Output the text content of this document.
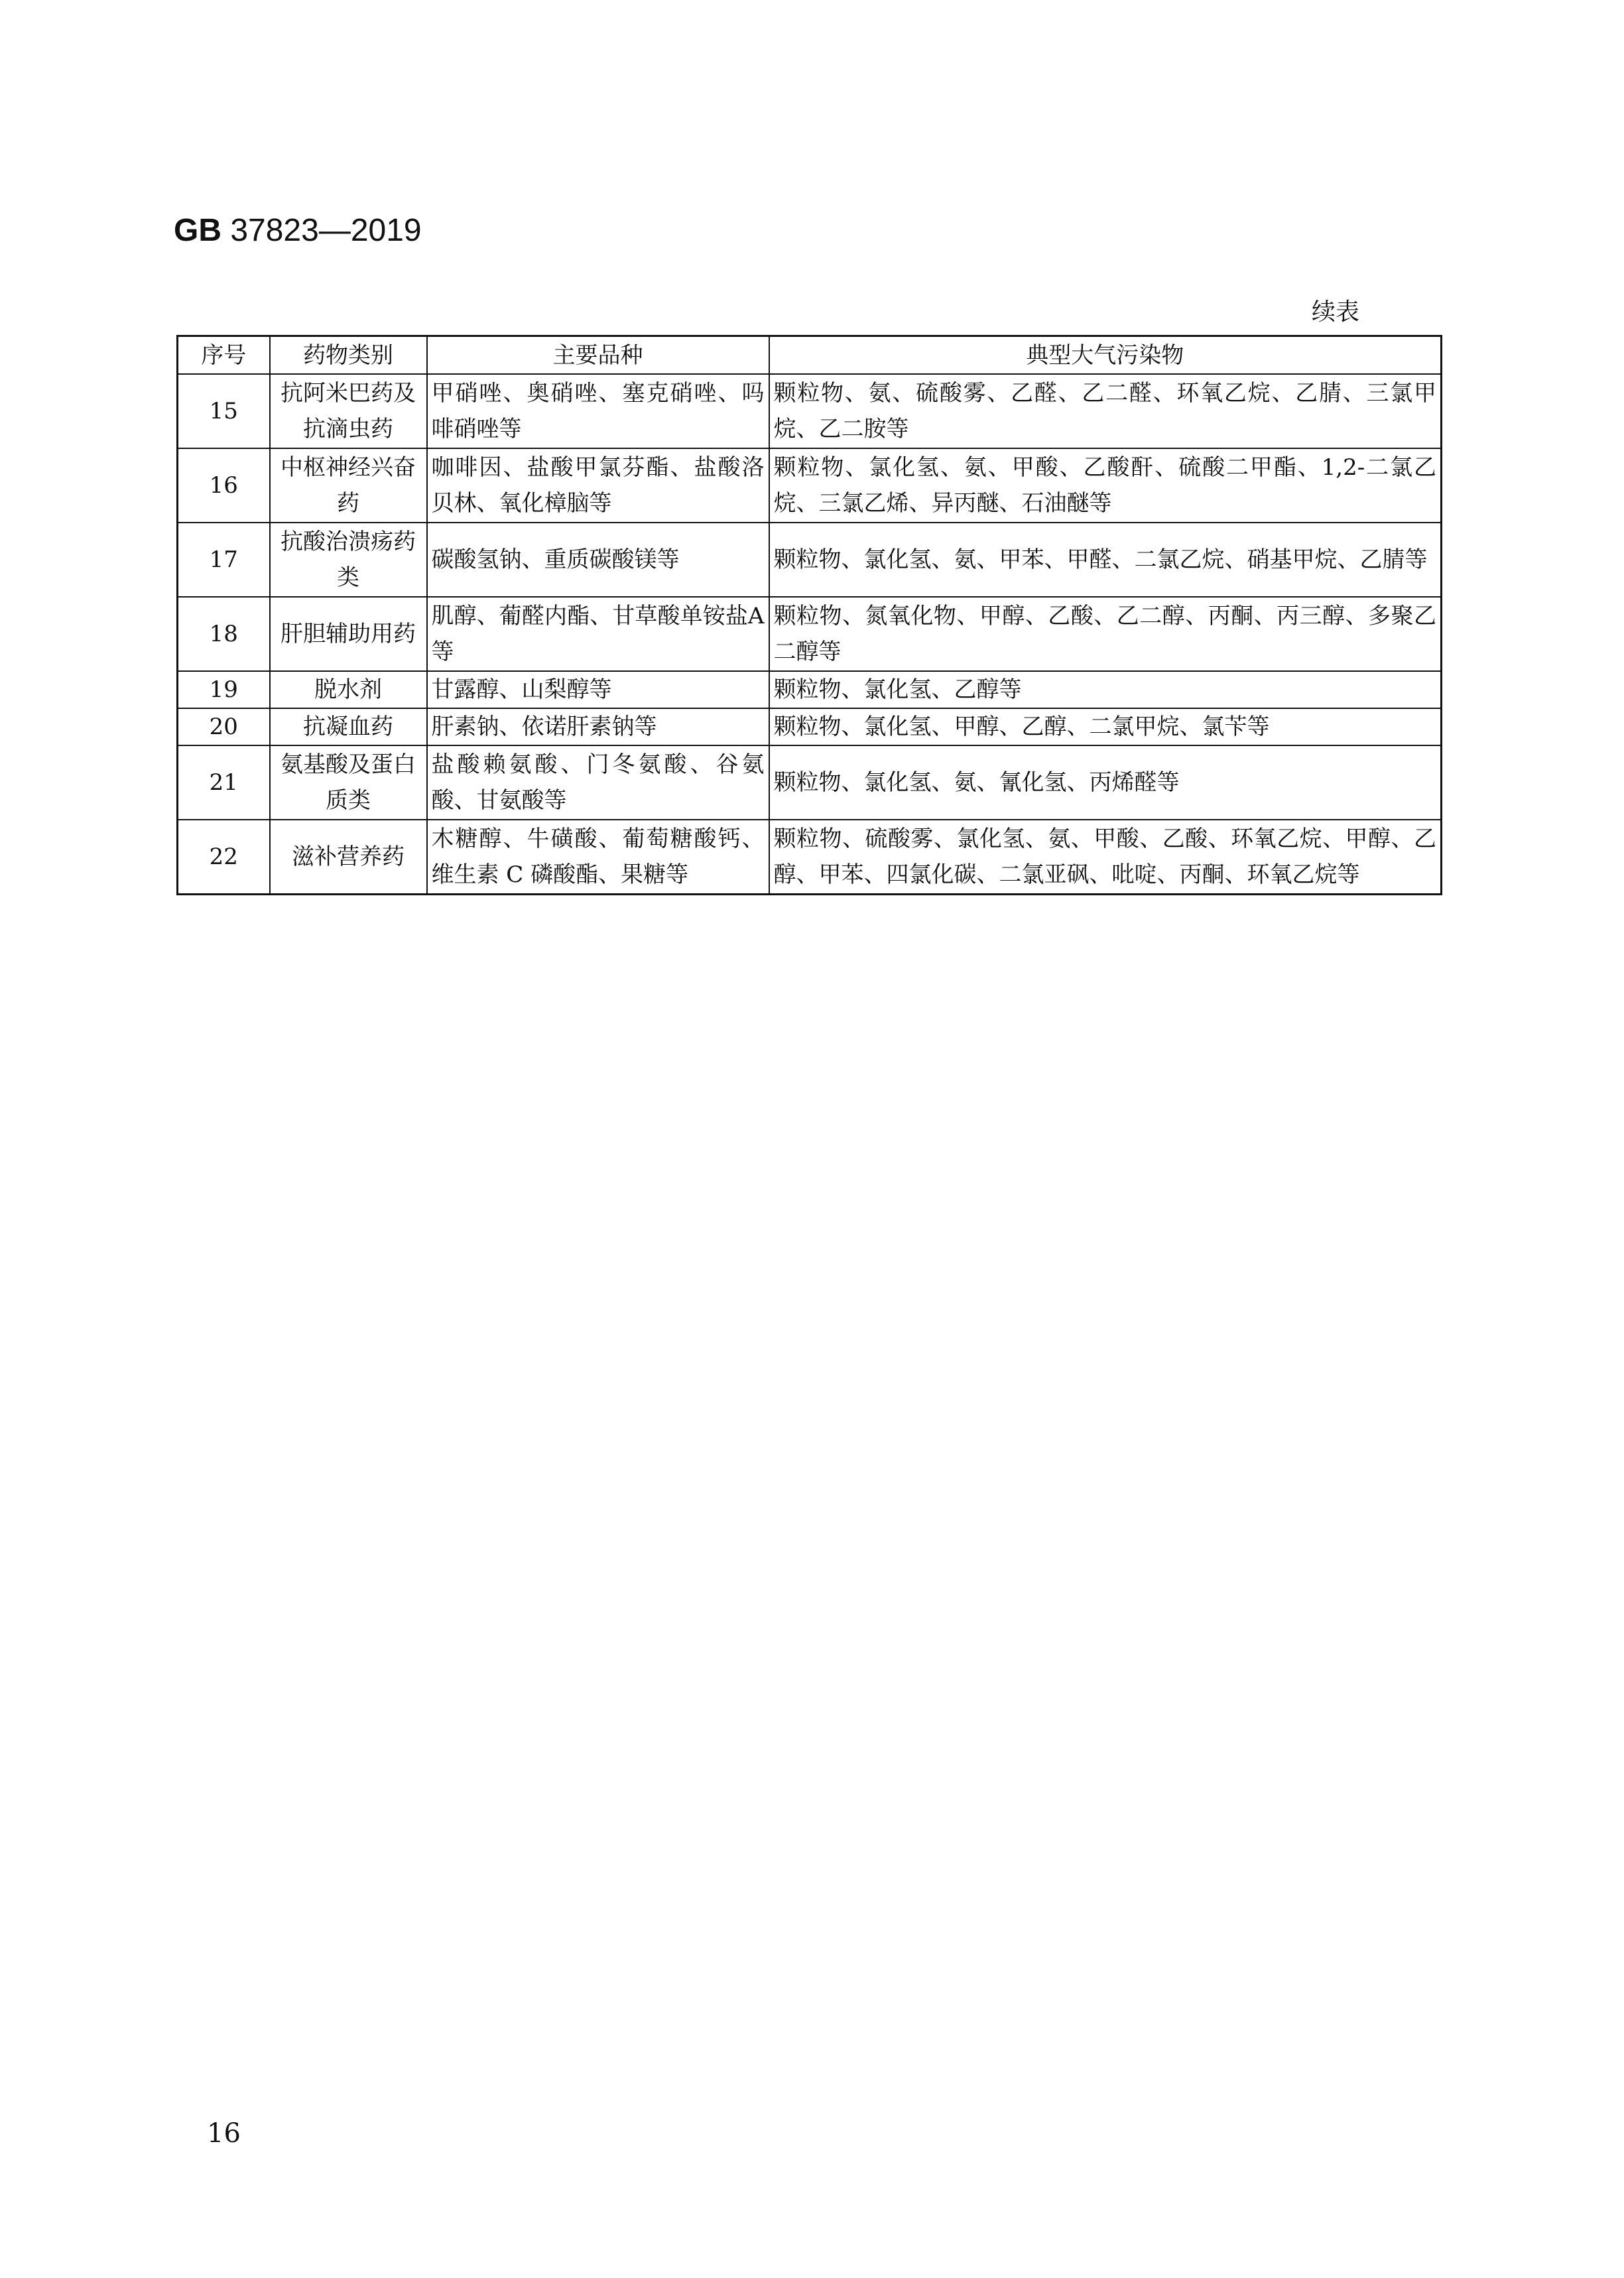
GB 37823—2019
续表
序号	药物类别	主要品种	典型大气污染物
15	抗阿米巴药及抗滴虫药	甲硝唑、奥硝唑、塞克硝唑、吗啡硝唑等	颗粒物、氨、硫酸雾、乙醛、乙二醛、环氧乙烷、乙腈、三氯甲烷、乙二胺等
16	中枢神经兴奋药	咖啡因、盐酸甲氯芬酯、盐酸洛贝林、氧化樟脑等	颗粒物、氯化氢、氨、甲酸、乙酸酐、硫酸二甲酯、1,2-二氯乙烷、三氯乙烯、异丙醚、石油醚等
17	抗酸治溃疡药类	碳酸氢钠、重质碳酸镁等	颗粒物、氯化氢、氨、甲苯、甲醛、二氯乙烷、硝基甲烷、乙腈等
18	肝胆辅助用药	肌醇、葡醛内酯、甘草酸单铵盐A 等	颗粒物、氮氧化物、甲醇、乙酸、乙二醇、丙酮、丙三醇、多聚乙二醇等
19	脱水剂	甘露醇、山梨醇等	颗粒物、氯化氢、乙醇等
20	抗凝血药	肝素钠、依诺肝素钠等	颗粒物、氯化氢、甲醇、乙醇、二氯甲烷、氯苄等
21	氨基酸及蛋白质类	盐酸赖氨酸、门冬氨酸、谷氨酸、甘氨酸等	颗粒物、氯化氢、氨、氰化氢、丙烯醛等
22	滋补营养药	木糖醇、牛磺酸、葡萄糖酸钙、维生素 C 磷酸酯、果糖等	颗粒物、硫酸雾、氯化氢、氨、甲酸、乙酸、环氧乙烷、甲醇、乙醇、甲苯、四氯化碳、二氯亚砜、吡啶、丙酮、环氧乙烷等
16
